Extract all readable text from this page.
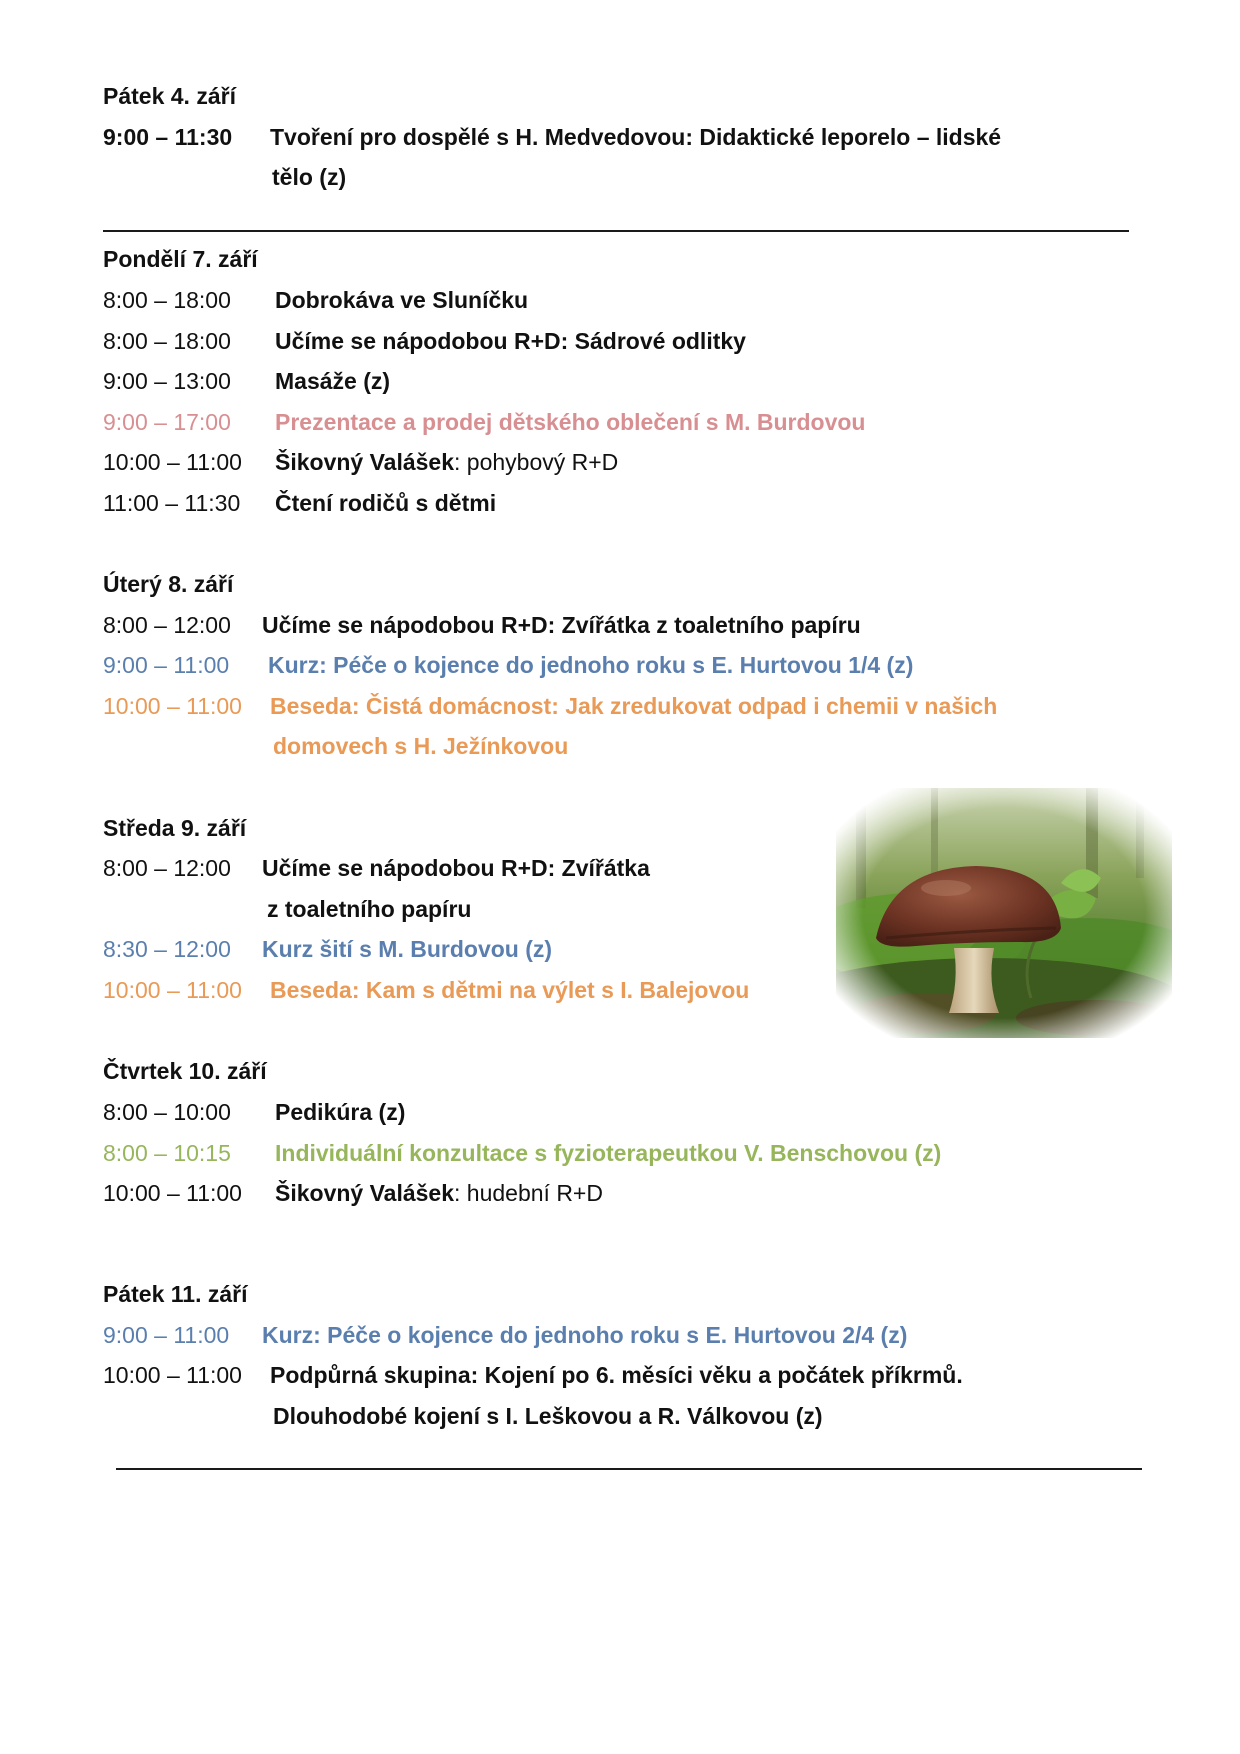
Pátek 4. září
9:00 – 11:30 Tvoření pro dospělé s H. Medvedovou: Didaktické leporelo – lidské
tělo (z)
Pondělí 7. září
8:00 – 18:00 Dobrokáva ve Sluníčku
8:00 – 18:00 Učíme se nápodobou R+D: Sádrové odlitky
9:00 – 13:00 Masáže (z)
9:00 – 17:00 Prezentace a prodej dětského oblečení s M. Burdovou
10:00 – 11:00 Šikovný Valášek: pohybový R+D
11:00 – 11:30 Čtení rodičů s dětmi
Úterý 8. září
8:00 – 12:00 Učíme se nápodobou R+D: Zvířátka z toaletního papíru
9:00 – 11:00 Kurz: Péče o kojence do jednoho roku s E. Hurtovou 1/4 (z)
10:00 – 11:00 Beseda: Čistá domácnost: Jak zredukovat odpad i chemii v našich
domovech s H. Ježínkovou
Středa 9. září
8:00 – 12:00 Učíme se nápodobou R+D: Zvířátka
z toaletního papíru
8:30 – 12:00 Kurz šití s M. Burdovou (z)
10:00 – 11:00 Beseda: Kam s dětmi na výlet s I. Balejovou
Čtvrtek 10. září
8:00 – 10:00 Pedikúra (z)
8:00 – 10:15 Individuální konzultace s fyzioterapeutkou V. Benschovou (z)
10:00 – 11:00 Šikovný Valášek: hudební R+D
Pátek 11. září
9:00 – 11:00 Kurz: Péče o kojence do jednoho roku s E. Hurtovou 2/4 (z)
10:00 – 11:00 Podpůrná skupina: Kojení po 6. měsíci věku a počátek příkrmů.
Dlouhodobé kojení s I. Leškovou a R. Válkovou (z)
